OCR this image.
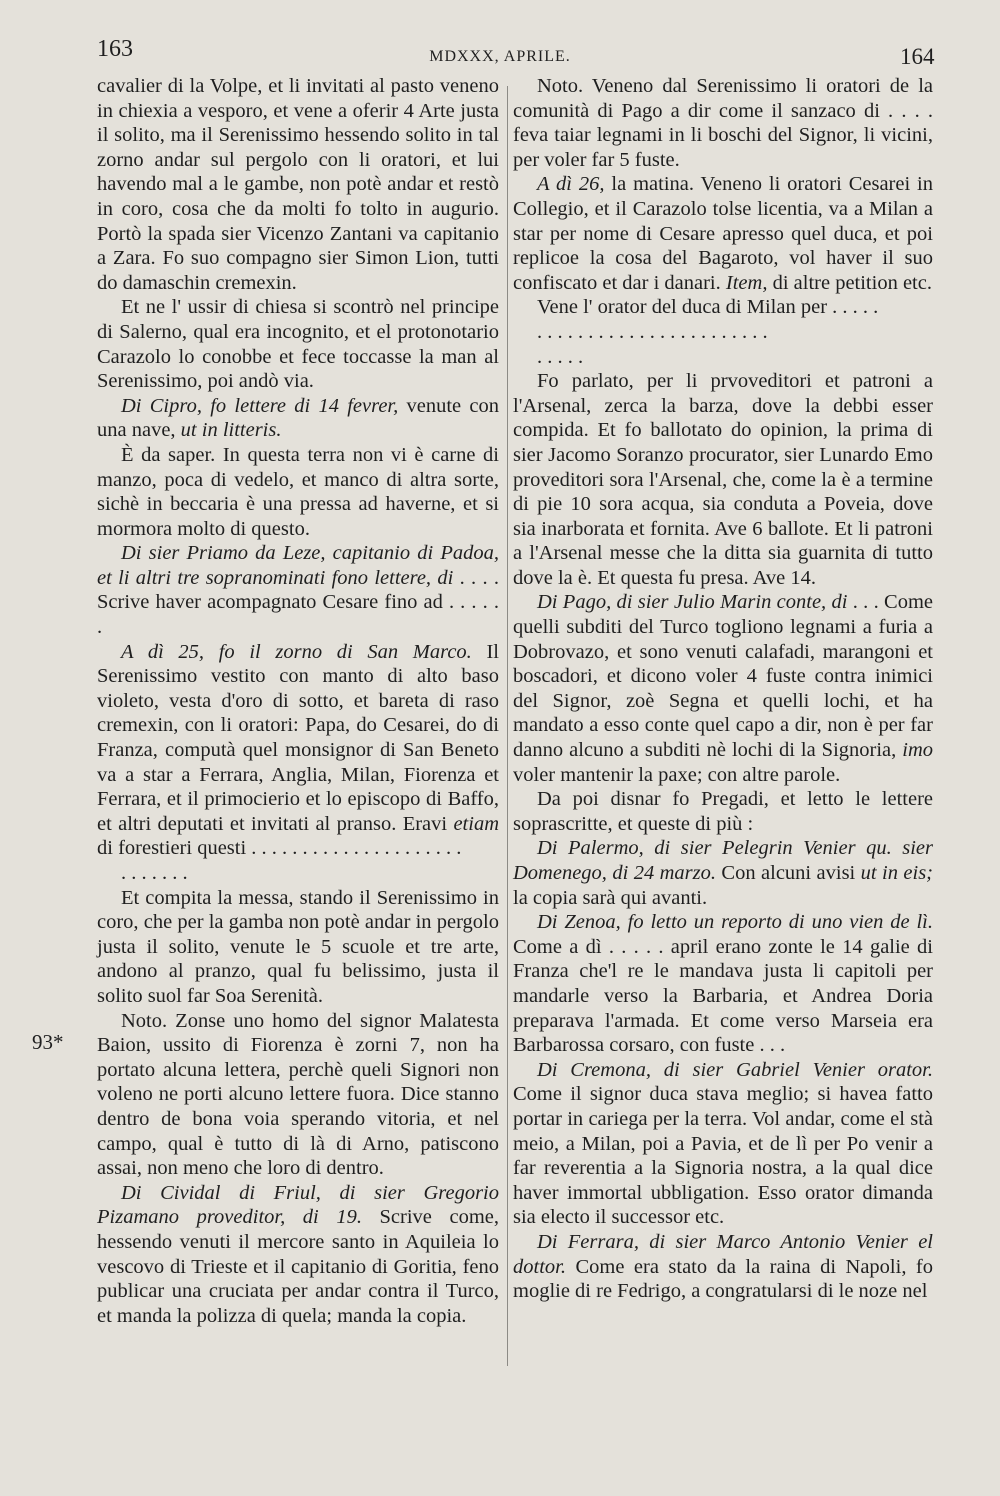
163	MDXXX, APRILE.	164
93*

cavalier di la Volpe, et li invitati al pasto veneno in chiexia a vesporo, et vene a oferir 4 Arte justa il solito, ma il Serenissimo hessendo solito in tal zorno andar sul pergolo con li oratori, et lui havendo mal a le gambe, non potè andar et restò in coro, cosa che da molti fo tolto in augurio. Portò la spada sier Vicenzo Zantani va capitanio a Zara. Fo suo compagno sier Simon Lion, tutti do damaschin cremexin.

Et ne l' ussir di chiesa si scontrò nel principe di Salerno, qual era incognito, et el protonotario Carazolo lo conobbe et fece toccasse la man al Serenissimo, poi andò via.

Di Cipro, fo lettere di 14 fevrer, venute con una nave, ut in litteris.

È da saper. In questa terra non vi è carne di manzo, poca di vedelo, et manco di altra sorte, sichè in beccaria è una pressa ad haverne, et si mormora molto di questo.

Di sier Priamo da Leze, capitanio di Padoa, et li altri tre sopranominati fono lettere, di . . . . Scrive haver acompagnato Cesare fino ad . . . . . .

A dì 25, fo il zorno di San Marco. Il Serenissimo vestito con manto di alto baso violeto, vesta d'oro di sotto, et bareta di raso cremexin, con li oratori: Papa, do Cesarei, do di Franza, computà quel monsignor di San Beneto va a star a Ferrara, Anglia, Milan, Fiorenza et Ferrara, et il primocierio et lo episcopo di Baffo, et altri deputati et invitati al pranso. Eravi etiam di forestieri questi . . . . . . . . . . . . . . . . . . . . .

. . . . . . .

Et compita la messa, stando il Serenissimo in coro, che per la gamba non potè andar in pergolo justa il solito, venute le 5 scuole et tre arte, andono al pranzo, qual fu belissimo, justa il solito suol far Soa Serenità.

Noto. Zonse uno homo del signor Malatesta Baion, ussito di Fiorenza è zorni 7, non ha portato alcuna lettera, perchè queli Signori non voleno ne porti alcuno lettere fuora. Dice stanno dentro de bona voia sperando vitoria, et nel campo, qual è tutto di là di Arno, patiscono assai, non meno che loro di dentro.

Di Cividal di Friul, di sier Gregorio Pizamano proveditor, di 19. Scrive come, hessendo venuti il mercore santo in Aquileia lo vescovo di Trieste et il capitanio di Goritia, feno publicar una cruciata per andar contra il Turco, et manda la polizza di quela; manda la copia.

Noto. Veneno dal Serenissimo li oratori de la comunità di Pago a dir come il sanzaco di . . . . feva taiar legnami in li boschi del Signor, li vicini, per voler far 5 fuste.

A dì 26, la matina. Veneno li oratori Cesarei in Collegio, et il Carazolo tolse licentia, va a Milan a star per nome di Cesare apresso quel duca, et poi replicoe la cosa del Bagaroto, vol haver il suo confiscato et dar i danari. Item, di altre petition etc.

Vene l' orator del duca di Milan per . . . . .

. . . . . . . . . . . . . . . . . . . . . . .

. . . . .

Fo parlato, per li prvoveditori et patroni a l'Arsenal, zerca la barza, dove la debbi esser compida. Et fo ballotato do opinion, la prima di sier Jacomo Soranzo procurator, sier Lunardo Emo proveditori sora l'Arsenal, che, come la è a termine di pie 10 sora acqua, sia conduta a Poveia, dove sia inarborata et fornita. Ave 6 ballote. Et li patroni a l'Arsenal messe che la ditta sia guarnita di tutto dove la è. Et questa fu presa. Ave 14.

Di Pago, di sier Julio Marin conte, di . . . Come quelli subditi del Turco togliono legnami a furia a Dobrovazo, et sono venuti calafadi, marangoni et boscadori, et dicono voler 4 fuste contra inimici del Signor, zoè Segna et quelli lochi, et ha mandato a esso conte quel capo a dir, non è per far danno alcuno a subditi nè lochi di la Signoria, imo voler mantenir la paxe; con altre parole.

Da poi disnar fo Pregadi, et letto le lettere soprascritte, et queste di più :

Di Palermo, di sier Pelegrin Venier qu. sier Domenego, di 24 marzo. Con alcuni avisi ut in eis; la copia sarà qui avanti.

Di Zenoa, fo letto un reporto di uno vien de lì. Come a dì . . . . . april erano zonte le 14 galie di Franza che'l re le mandava justa li capitoli per mandarle verso la Barbaria, et Andrea Doria preparava l'armada. Et come verso Marseia era Barbarossa corsaro, con fuste . . .

Di Cremona, di sier Gabriel Venier orator. Come il signor duca stava meglio; si havea fatto portar in cariega per la terra. Vol andar, come el stà meio, a Milan, poi a Pavia, et de lì per Po venir a far reverentia a la Signoria nostra, a la qual dice haver immortal ubbligation. Esso orator dimanda sia electo il successor etc.

Di Ferrara, di sier Marco Antonio Venier el dottor. Come era stato da la raina di Napoli, fo moglie di re Fedrigo, a congratularsi di le noze nel
